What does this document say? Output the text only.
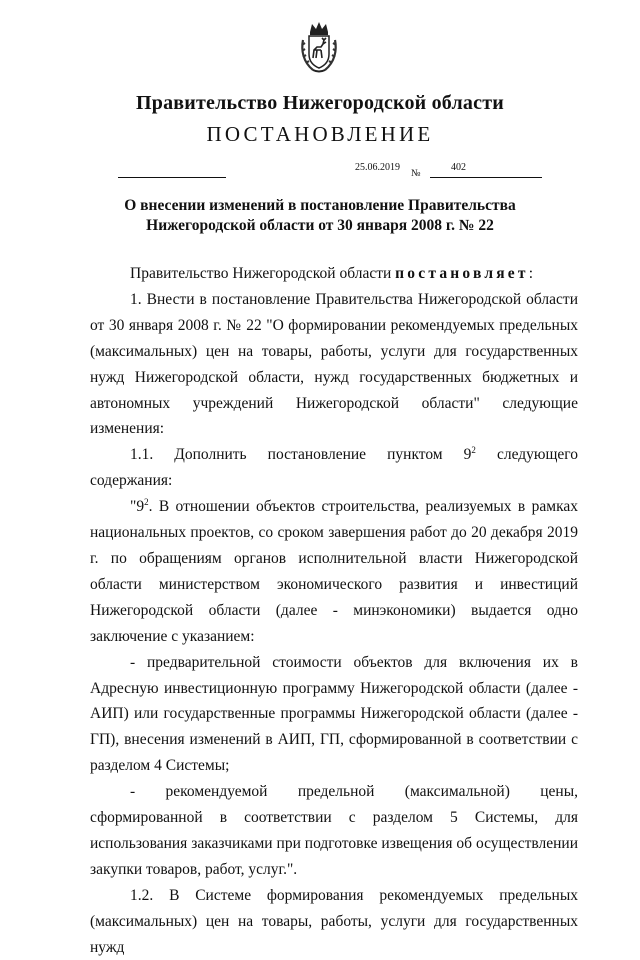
Правительство Нижегородской области
ПОСТАНОВЛЕНИЕ
25.06.2019
№
402
О внесении изменений в постановление Правительства
Нижегородской области от 30 января 2008 г. № 22

Правительство Нижегородской области постановляет:

1. Внести в постановление Правительства Нижегородской области от 30 января 2008 г. № 22 "О формировании рекомендуемых предельных (максимальных) цен на товары, работы, услуги для государственных нужд Нижегородской области, нужд государственных бюджетных и автономных учреждений Нижегородской области" следующие изменения:

1.1. Дополнить постановление пунктом $9^2$ следующего содержания:

"$9^2$. В отношении объектов строительства, реализуемых в рамках национальных проектов, со сроком завершения работ до 20 декабря 2019 г. по обращениям органов исполнительной власти Нижегородской области министерством экономического развития и инвестиций Нижегородской области (далее - минэкономики) выдается одно заключение с указанием:

- предварительной стоимости объектов для включения их в Адресную инвестиционную программу Нижегородской области (далее - АИП) или государственные программы Нижегородской области (далее - ГП), внесения изменений в АИП, ГП, сформированной в соответствии с разделом 4 Системы;

- рекомендуемой предельной (максимальной) цены, сформированной в соответствии с разделом 5 Системы, для использования заказчиками при подготовке извещения об осуществлении закупки товаров, работ, услуг.".

1.2. В Системе формирования рекомендуемых предельных (максимальных) цен на товары, работы, услуги для государственных нужд
